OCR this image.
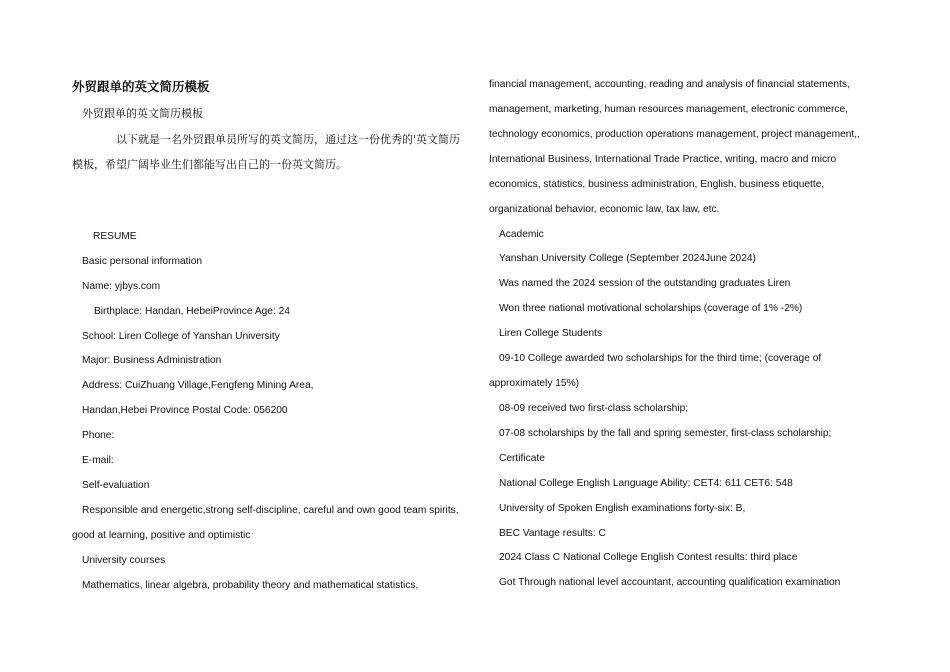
外贸跟单的英文简历模板
外贸跟单的英文简历模板
以下就是一名外贸跟单员所写的英文简历，通过这一份优秀的'英文简历模板，希望广阔毕业生们都能写出自己的一份英文简历。
RESUME
Basic personal information
Name: yjbys.com
Birthplace: Handan, HebeiProvince Age: 24
School: Liren College of Yanshan University
Major: Business Administration
Address: CuiZhuang Village,Fengfeng Mining Area,
Handan,Hebei Province Postal Code: 056200
Phone:
E-mail:
Self-evaluation
Responsible and energetic,strong self-discipline, careful and own good team spirits,
good at learning, positive and optimistic
University courses
Mathematics, linear algebra, probability theory and mathematical statistics,
financial management, accounting, reading and analysis of financial statements,
management, marketing, human resources management, electronic commerce,
technology economics, production operations management, project management,,
International Business, International Trade Practice, writing, macro and micro
economics, statistics, business administration, English, business etiquette,
organizational behavior, economic law, tax law, etc.
Academic
Yanshan University College (September 2024June 2024)
Was named the 2024 session of the outstanding graduates Liren
Won three national motivational scholarships (coverage of 1% -2%)
Liren College Students
09-10 College awarded two scholarships for the third time; (coverage of
approximately 15%)
08-09 received two first-class scholarship;
07-08 scholarships by the fall and spring semester, first-class scholarship;
Certificate
National College English Language Ability: CET4: 611 CET6: 548
University of Spoken English examinations forty-six: B,
BEC Vantage results: C
2024 Class C National College English Contest results: third place
Got Through national level accountant, accounting qualification examination
